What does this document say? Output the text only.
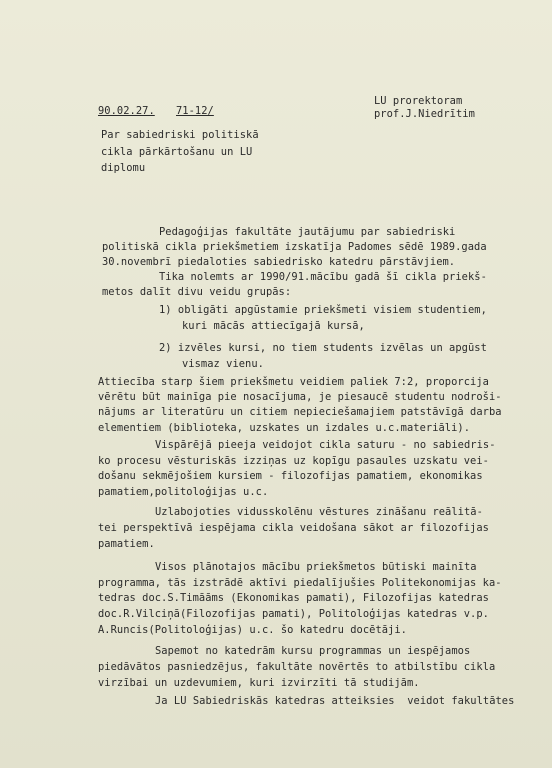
90.02.27. 71-12/
LU prorektoram
prof.J.Niedrītim
Par sabiedriski politiskā
cikla pārkārtošanu un LU
diplomu
Pedagoģijas fakultāte jautājumu par sabiedriski
politiskā cikla priekšmetiem izskatīja Padomes sēdē 1989.gada
30.novembrī piedaloties sabiedrisko katedru pārstāvjiem.
Tika nolemts ar 1990/91.mācību gadā šī cikla priekš-
metos dalīt divu veidu grupās:
1) obligāti apgūstamie priekšmeti visiem studentiem,
kuri mācās attiecīgajā kursā,
2) izvēles kursi, no tiem students izvēlas un apgūst
vismaz vienu.
Attiecība starp šiem priekšmetu veidiem paliek 7:2, proporcija
vērētu būt mainīga pie nosacījuma, je piesaucē studentu nodroši-
nājums ar literatūru un citiem nepieciešamajiem patstāvīgā darba
elementiem (biblioteka, uzskates un izdales u.c.materiāli).
Vispārējā pieeja veidojot cikla saturu - no sabiedris-
ko procesu vēsturiskās izziņas uz kopīgu pasaules uzskatu vei-
došanu sekmējošiem kursiem - filozofijas pamatiem, ekonomikas
pamatiem,politoloģijas u.c.
Uzlabojoties vidusskolēnu vēstures zināšanu reālitā-
tei perspektīvā iespējama cikla veidošana sākot ar filozofijas
pamatiem.
Visos plānotajos mācību priekšmetos būtiski mainīta
programma, tās izstrādē aktīvi piedalījušies Politekonomijas ka-
tedras doc.S.Timāāms (Ekonomikas pamati), Filozofijas katedras
doc.R.Vilciņā(Filozofijas pamati), Politoloģijas katedras v.p.
A.Runcis(Politoloģijas) u.c. šo katedru docētāji.
Sapemot no katedrām kursu programmas un iespējamos
piedāvātos pasniedzējus, fakultāte novērtēs to atbilstību cikla
virzībai un uzdevumiem, kuri izvirzīti tā studijām.
Ja LU Sabiedriskās katedras atteiksies  veidot fakultātes
